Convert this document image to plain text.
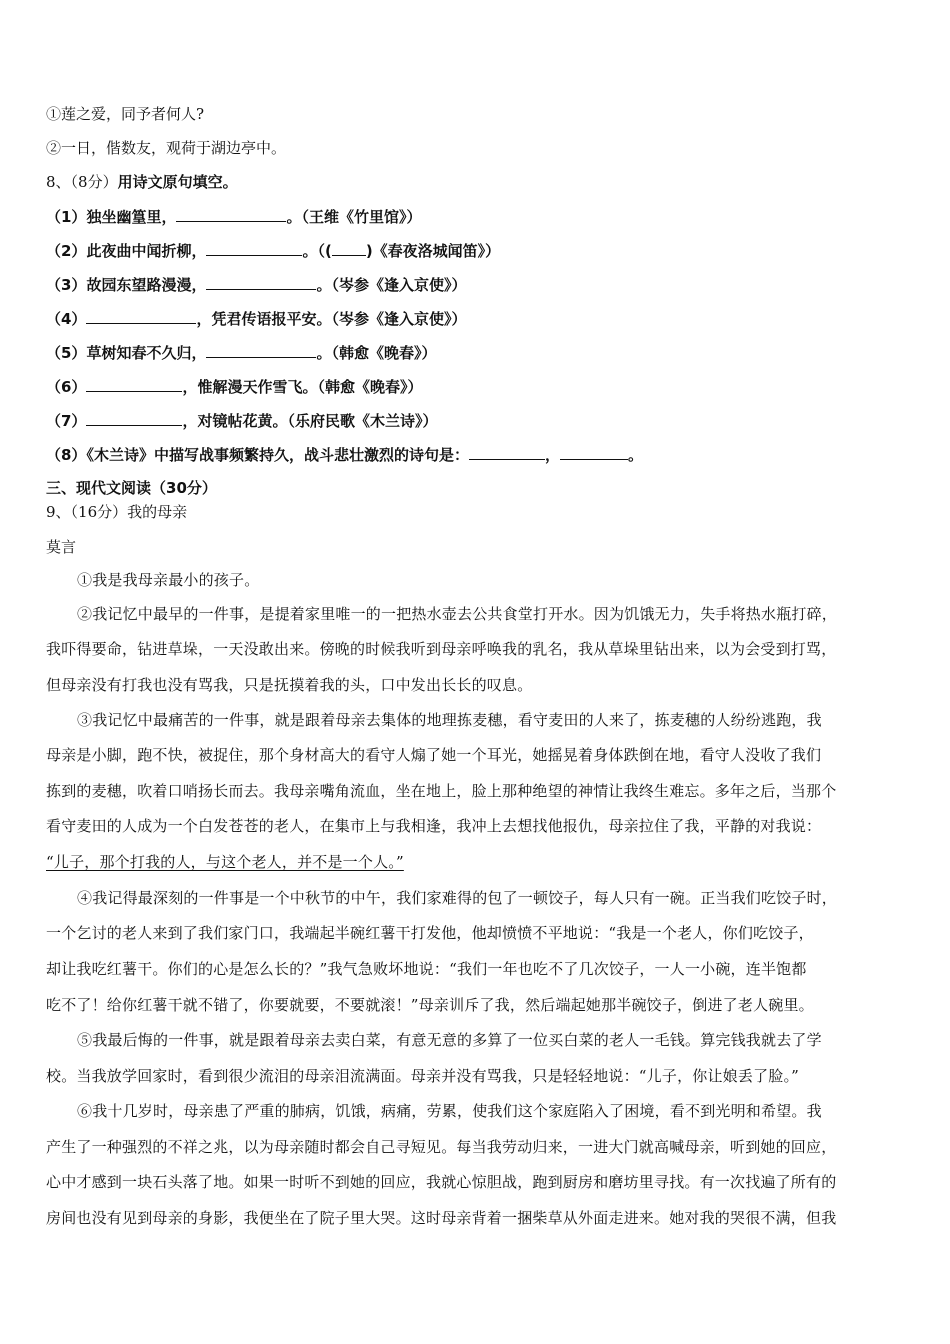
①莲之爱，同予者何人?
②一日，偕数友，观荷于湖边亭中。
8、（8分）用诗文原句填空。
（1）独坐幽篁里，	。（王维《竹里馆》）
（2）此夜曲中闻折柳，	。（( )《春夜洛城闻笛》）
（3）故园东望路漫漫，	。（岑参《逢入京使》）
（4）	，凭君传语报平安。（岑参《逢入京使》）
（5）草树知春不久归，	。（韩愈《晚春》）
（6）	，惟解漫天作雪飞。（韩愈《晚春》）
（7）	，对镜帖花黄。（乐府民歌《木兰诗》）
（8）《木兰诗》中描写战事频繁持久，战斗悲壮激烈的诗句是：	，	。
三、现代文阅读（30分）
9、（16分）我的母亲
莫言
①我是我母亲最小的孩子。
②我记忆中最早的一件事，是提着家里唯一的一把热水壶去公共食堂打开水。因为饥饿无力，失手将热水瓶打碎，
我吓得要命，钻进草垛，一天没敢出来。傍晚的时候我听到母亲呼唤我的乳名，我从草垛里钻出来，以为会受到打骂，
但母亲没有打我也没有骂我，只是抚摸着我的头，口中发出长长的叹息。
③我记忆中最痛苦的一件事，就是跟着母亲去集体的地理拣麦穗，看守麦田的人来了，拣麦穗的人纷纷逃跑，我
母亲是小脚，跑不快，被捉住，那个身材高大的看守人煽了她一个耳光，她摇晃着身体跌倒在地，看守人没收了我们
拣到的麦穗，吹着口哨扬长而去。我母亲嘴角流血，坐在地上，脸上那种绝望的神情让我终生难忘。多年之后，当那个
看守麦田的人成为一个白发苍苍的老人，在集市上与我相逢，我冲上去想找他报仇，母亲拉住了我，平静的对我说：
“儿子，那个打我的人，与这个老人，并不是一个人。”
④我记得最深刻的一件事是一个中秋节的中午，我们家难得的包了一顿饺子，每人只有一碗。正当我们吃饺子时，
一个乞讨的老人来到了我们家门口，我端起半碗红薯干打发他，他却愤愤不平地说：“我是一个老人，你们吃饺子，
却让我吃红薯干。你们的心是怎么长的？”我气急败坏地说：“我们一年也吃不了几次饺子，一人一小碗，连半饱都
吃不了！给你红薯干就不错了，你要就要，不要就滚！”母亲训斥了我，然后端起她那半碗饺子，倒进了老人碗里。
⑤我最后悔的一件事，就是跟着母亲去卖白菜，有意无意的多算了一位买白菜的老人一毛钱。算完钱我就去了学
校。当我放学回家时，看到很少流泪的母亲泪流满面。母亲并没有骂我，只是轻轻地说：“儿子，你让娘丢了脸。”
⑥我十几岁时，母亲患了严重的肺病，饥饿，病痛，劳累，使我们这个家庭陷入了困境，看不到光明和希望。我
产生了一种强烈的不祥之兆，以为母亲随时都会自己寻短见。每当我劳动归来，一进大门就高喊母亲，听到她的回应，
心中才感到一块石头落了地。如果一时听不到她的回应，我就心惊胆战，跑到厨房和磨坊里寻找。有一次找遍了所有的
房间也没有见到母亲的身影，我便坐在了院子里大哭。这时母亲背着一捆柴草从外面走进来。她对我的哭很不满，但我
